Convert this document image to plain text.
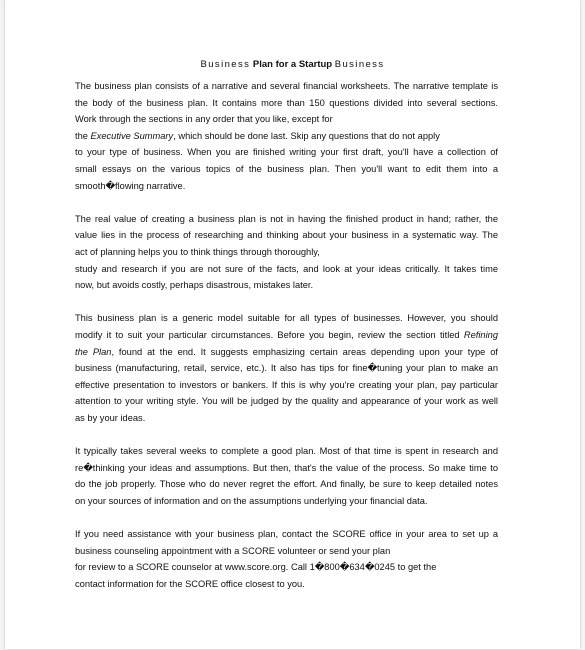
Business Plan for a Startup Business
The business plan consists of a narrative and several financial worksheets. The narrative template is
the body of the business plan. It contains more than 150 questions divided into several sections.
Work through the sections in any order that you like, except for
the Executive Summary, which should be done last. Skip any questions that do not apply
to your type of business. When you are finished writing your first draft, you'll have a collection of
small essays on the various topics of the business plan. Then you'll want to edit them into a
smooth�flowing narrative.
The real value of creating a business plan is not in having the finished product in hand; rather, the
value lies in the process of researching and thinking about your business in a systematic way. The
act of planning helps you to think things through thoroughly,
study and research if you are not sure of the facts, and look at your ideas critically. It takes time
now, but avoids costly, perhaps disastrous, mistakes later.
This business plan is a generic model suitable for all types of businesses. However, you should
modify it to suit your particular circumstances. Before you begin, review the section titled Refining
the Plan, found at the end. It suggests emphasizing certain areas depending upon your type of
business (manufacturing, retail, service, etc.). It also has tips for fine�tuning your plan to make an
effective presentation to investors or bankers. If this is why you're creating your plan, pay particular
attention to your writing style. You will be judged by the quality and appearance of your work as well
as by your ideas.
It typically takes several weeks to complete a good plan. Most of that time is spent in research and
re�thinking your ideas and assumptions. But then, that's the value of the process. So make time to
do the job properly. Those who do never regret the effort. And finally, be sure to keep detailed notes
on your sources of information and on the assumptions underlying your financial data.
If you need assistance with your business plan, contact the SCORE office in your area to set up a
business counseling appointment with a SCORE volunteer or send your plan
for review to a SCORE counselor at www.score.org. Call 1�800�634�0245 to get the
contact information for the SCORE office closest to you.
